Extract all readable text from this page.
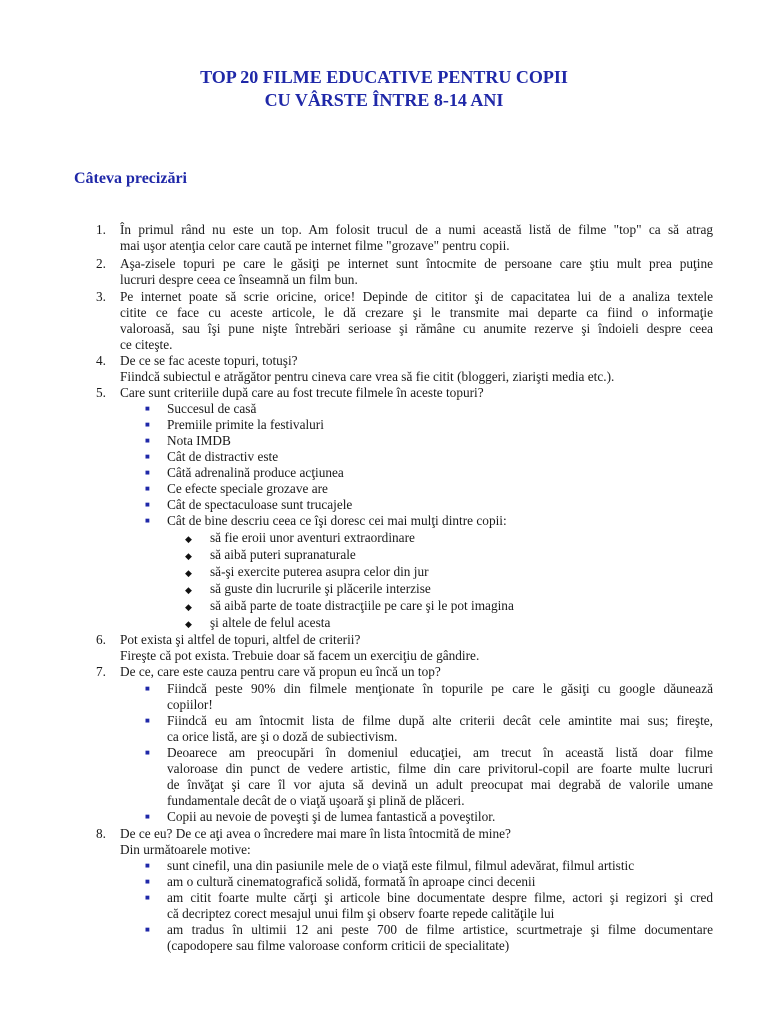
TOP 20 FILME EDUCATIVE PENTRU COPII
CU VÂRSTE ÎNTRE 8-14 ANI
Câteva precizări
1.	În primul rând nu este un top. Am folosit trucul de a numi această listă de filme "top" ca să atrag
mai uşor atenţia celor care caută pe internet filme "grozave" pentru copii.
2.	Aşa-zisele topuri pe care le găsiţi pe internet sunt întocmite de persoane care ştiu mult prea puţine
lucruri despre ceea ce înseamnă un film bun.
3.	Pe internet poate să scrie oricine, orice! Depinde de cititor şi de capacitatea lui de a analiza textele
citite ce face cu aceste articole, le dă crezare şi le transmite mai departe ca fiind o informaţie
valoroasă, sau îşi pune nişte întrebări serioase şi rămâne cu anumite rezerve şi îndoieli despre ceea
ce citeşte.
4.	De ce se fac aceste topuri, totuşi?
Fiindcă subiectul e atrăgător pentru cineva care vrea să fie citit (bloggeri, ziarişti media etc.).
5.	Care sunt criteriile după care au fost trecute filmele în aceste topuri?
■ Succesul de casă
■ Premiile primite la festivaluri
■ Nota IMDB
■ Cât de distractiv este
■ Câtă adrenalină produce acţiunea
■ Ce efecte speciale grozave are
■ Cât de spectaculoase sunt trucajele
■ Cât de bine descriu ceea ce îşi doresc cei mai mulţi dintre copii:
◆ să fie eroii unor aventuri extraordinare
◆ să aibă puteri supranaturale
◆ să-şi exercite puterea asupra celor din jur
◆ să guste din lucrurile şi plăcerile interzise
◆ să aibă parte de toate distracţiile pe care şi le pot imagina
◆ şi altele de felul acesta
6.	Pot exista şi altfel de topuri, altfel de criterii?
Fireşte că pot exista. Trebuie doar să facem un exerciţiu de gândire.
7.	De ce, care este cauza pentru care vă propun eu încă un top?
■ Fiindcă peste 90% din filmele menţionate în topurile pe care le găsiţi cu google dăunează
copiilor!
■ Fiindcă eu am întocmit lista de filme după alte criterii decât cele amintite mai sus; fireşte,
ca orice listă, are şi o doză de subiectivism.
■ Deoarece am preocupări în domeniul educaţiei, am trecut în această listă doar filme
valoroase din punct de vedere artistic, filme din care privitorul-copil are foarte multe lucruri
de învăţat şi care îl vor ajuta să devină un adult preocupat mai degrabă de valorile umane
fundamentale decât de o viaţă uşoară şi plină de plăceri.
■ Copii au nevoie de poveşti şi de lumea fantastică a poveştilor.
8.	De ce eu? De ce aţi avea o încredere mai mare în lista întocmită de mine?
Din următoarele motive:
■ sunt cinefil, una din pasiunile mele de o viaţă este filmul, filmul adevărat, filmul artistic
■ am o cultură cinematografică solidă, formată în aproape cinci decenii
■ am citit foarte multe cărţi şi articole bine documentate despre filme, actori şi regizori şi cred
că decriptez corect mesajul unui film şi observ foarte repede calităţile lui
■ am tradus în ultimii 12 ani peste 700 de filme artistice, scurtmetraje şi filme documentare
(capodopere sau filme valoroase conform criticii de specialitate)
